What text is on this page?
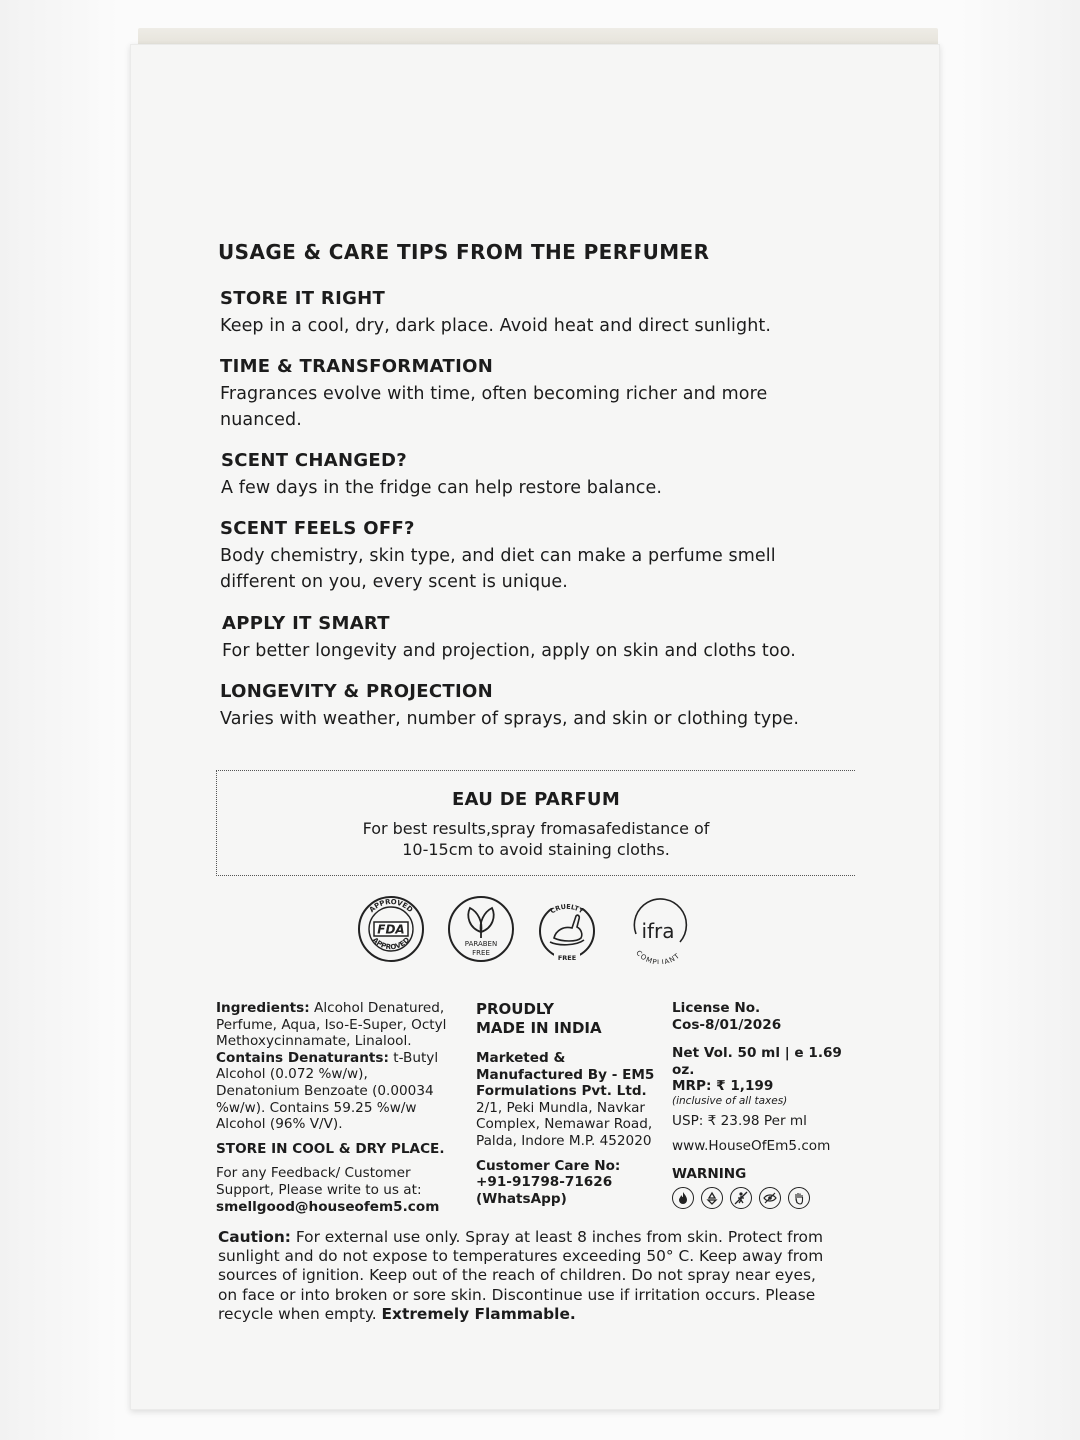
USAGE & CARE TIPS FROM THE PERFUMER
STORE IT RIGHT
Keep in a cool, dry, dark place. Avoid heat and direct sunlight.
TIME & TRANSFORMATION
Fragrances evolve with time, often becoming richer and more nuanced.
SCENT CHANGED?
A few days in the fridge can help restore balance.
SCENT FEELS OFF?
Body chemistry, skin type, and diet can make a perfume smell different on you, every scent is unique.
APPLY IT SMART
For better longevity and projection, apply on skin and cloths too.
LONGEVITY & PROJECTION
Varies with weather, number of sprays, and skin or clothing type.
EAU DE PARFUM
For best results,spray fromasafedistance of
10-15cm to avoid staining cloths.
APPROVED
APPROVED
FDA
PARABEN
FREE
CRUELTY
FREE
ifra
COMPLIANT
Ingredients: Alcohol Denatured, Perfume, Aqua, Iso-E-Super, Octyl Methoxycinnamate, Linalool. Contains Denaturants: t-Butyl Alcohol (0.072 %w/w), Denatonium Benzoate (0.00034 %w/w). Contains 59.25 %w/w Alcohol (96% V/V).
STORE IN COOL & DRY PLACE.
For any Feedback/ Customer Support, Please write to us at:
smellgood@houseofem5.com
PROUDLY
MADE IN INDIA
Marketed & Manufactured By - EM5 Formulations Pvt. Ltd.
2/1, Peki Mundla, Navkar Complex, Nemawar Road, Palda, Indore M.P. 452020
Customer Care No:
+91-91798-71626
(WhatsApp)
License No.
Cos-8/01/2026
Net Vol. 50 ml | e 1.69 oz.
MRP: ₹ 1,199
(inclusive of all taxes)
USP: ₹ 23.98 Per ml
www.HouseOfEm5.com
WARNING
Caution: For external use only. Spray at least 8 inches from skin. Protect from sunlight and do not expose to temperatures exceeding 50° C. Keep away from sources of ignition. Keep out of the reach of children. Do not spray near eyes, on face or into broken or sore skin. Discontinue use if irritation occurs. Please recycle when empty. Extremely Flammable.
